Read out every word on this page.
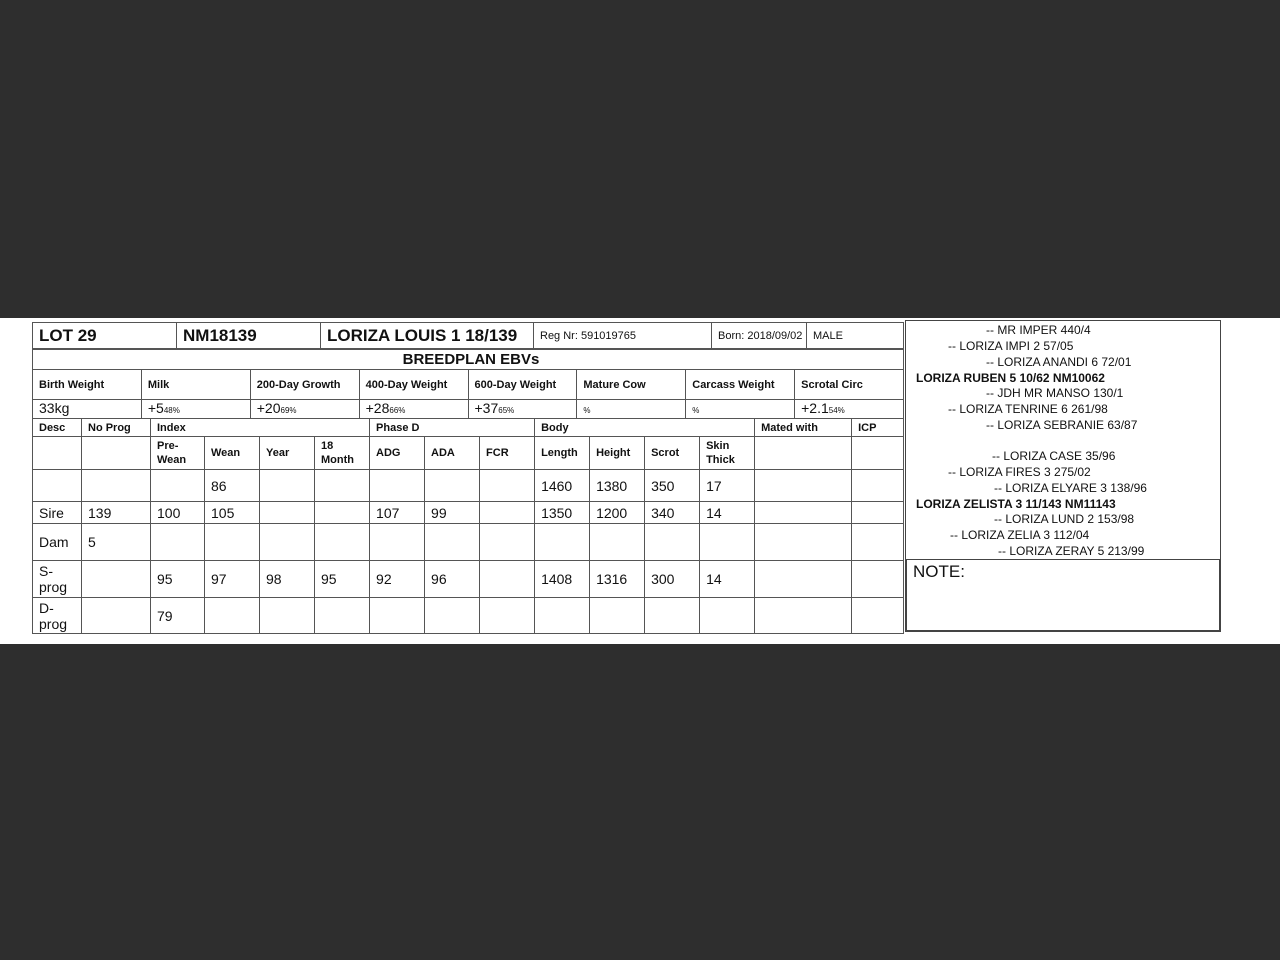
LOT 29	NM18139	LORIZA LOUIS 1 18/139	Reg Nr: 591019765	Born: 2018/09/02	MALE
BREEDPLAN EBVs							
Birth Weight	Milk	200-Day Growth	400-Day Weight	600-Day Weight	Mature Cow	Carcass Weight	Scrotal Circ
33kg	+548%	+2069%	+2866%	+3765%	%	%	+2.154%
Desc	No Prog	Index				Phase D			Body				Mated with	ICP
		Pre-Wean	Wean	Year	18 Month	ADG	ADA	FCR	Length	Height	Scrot	Skin Thick		
			86						1460	1380	350	17		
Sire	139	100	105			107	99		1350	1200	340	14		
Dam	5													
S-prog		95	97	98	95	92	96		1408	1316	300	14		
D-prog		79												
-- MR IMPER 440/4
-- LORIZA IMPI 2 57/05
-- LORIZA ANANDI 6 72/01
LORIZA RUBEN 5 10/62 NM10062
-- JDH MR MANSO 130/1
-- LORIZA TENRINE 6 261/98
-- LORIZA SEBRANIE 63/87
-- LORIZA CASE 35/96
-- LORIZA FIRES 3 275/02
-- LORIZA ELYARE 3 138/96
LORIZA ZELISTA 3 11/143 NM11143
-- LORIZA LUND 2 153/98
-- LORIZA ZELIA 3 112/04
-- LORIZA ZERAY 5 213/99
NOTE:
